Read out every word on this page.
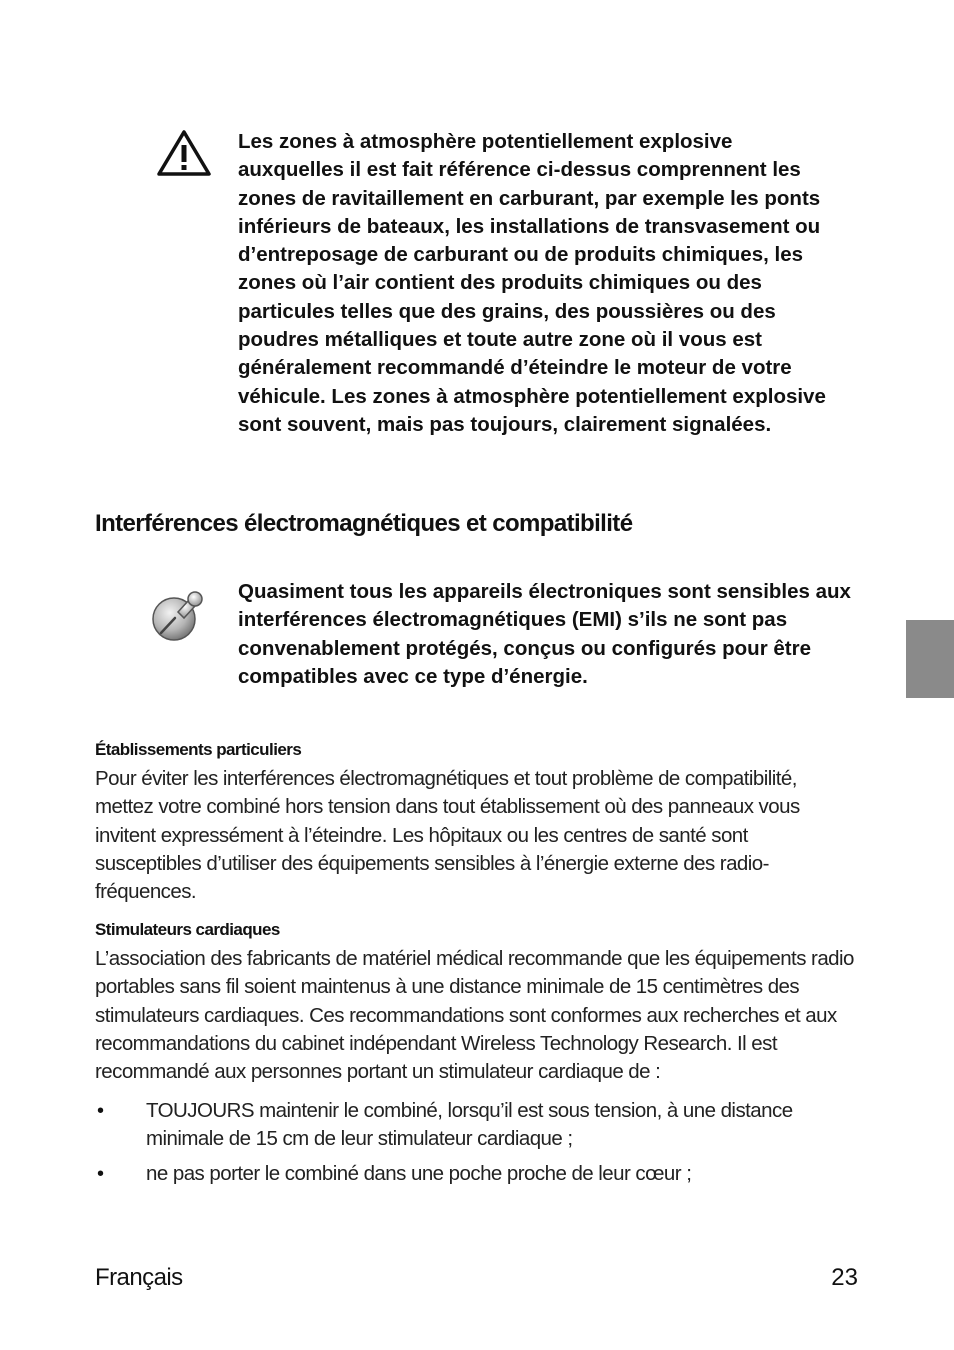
Les zones à atmosphère potentiellement explosive auxquelles il est fait référence ci-dessus comprennent les zones de ravitaillement en carburant, par exemple les ponts inférieurs de bateaux, les installations de transvasement ou d’entreposage de carburant ou de produits chimiques, les zones où l’air contient des produits chimiques ou des particules telles que des grains, des poussières ou des poudres métalliques et toute autre zone où il vous est généralement recommandé d’éteindre le moteur de votre véhicule. Les zones à atmosphère potentiellement explosive sont souvent, mais pas toujours, clairement signalées.
Interférences électromagnétiques et compatibilité
Quasiment tous les appareils électroniques sont sensibles aux interférences électromagnétiques (EMI) s’ils ne sont pas convenablement protégés, conçus ou configurés pour être compatibles avec ce type d’énergie.
Établissements particuliers
Pour éviter les interférences électromagnétiques et tout problème de compatibilité, mettez votre combiné hors tension dans tout établissement où des panneaux vous invitent expressément à l’éteindre. Les hôpitaux ou les centres de santé sont susceptibles d’utiliser des équipements sensibles à l’énergie externe des radio-fréquences.
Stimulateurs cardiaques
L’association des fabricants de matériel médical recommande que les équipements radio portables sans fil soient maintenus à une distance minimale de 15 centimètres des stimulateurs cardiaques. Ces recommandations sont conformes aux recherches et aux recommandations du cabinet indépendant Wireless Technology Research. Il est recommandé aux personnes portant un stimulateur cardiaque de :
• TOUJOURS maintenir le combiné, lorsqu’il est sous tension, à une distance minimale de 15 cm de leur stimulateur cardiaque ;
• ne pas porter le combiné dans une poche proche de leur cœur ;
Français	23
